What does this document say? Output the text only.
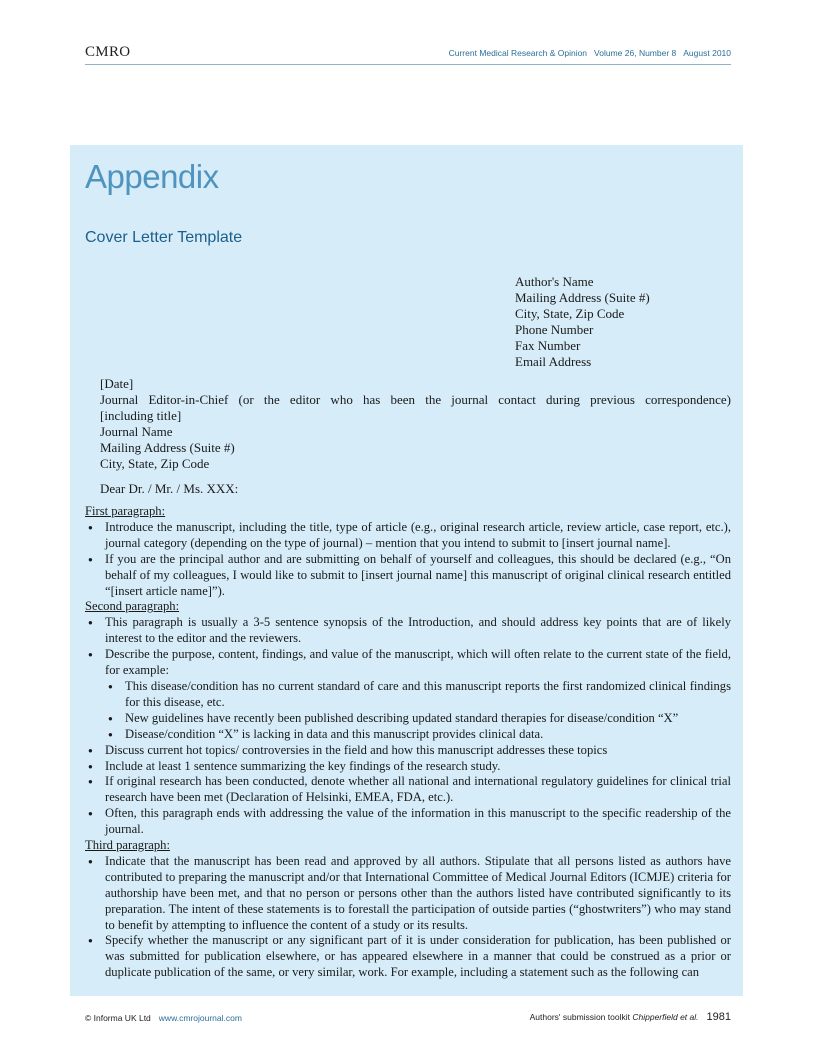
CMRO	Current Medical Research & Opinion Volume 26, Number 8 August 2010
Appendix
Cover Letter Template
Author's Name
Mailing Address (Suite #)
City, State, Zip Code
Phone Number
Fax Number
Email Address
[Date]
Journal Editor-in-Chief (or the editor who has been the journal contact during previous correspondence)
[including title]
Journal Name
Mailing Address (Suite #)
City, State, Zip Code
Dear Dr. / Mr. / Ms. XXX:
First paragraph:
● Introduce the manuscript, including the title, type of article (e.g., original research article, review article, case report, etc.), journal category (depending on the type of journal) – mention that you intend to submit to [insert journal name].
● If you are the principal author and are submitting on behalf of yourself and colleagues, this should be declared (e.g., “On behalf of my colleagues, I would like to submit to [insert journal name] this manuscript of original clinical research entitled “[insert article name]”).
Second paragraph:
● This paragraph is usually a 3-5 sentence synopsis of the Introduction, and should address key points that are of likely interest to the editor and the reviewers.
● Describe the purpose, content, findings, and value of the manuscript, which will often relate to the current state of the field, for example:
● This disease/condition has no current standard of care and this manuscript reports the first randomized clinical findings for this disease, etc.
● New guidelines have recently been published describing updated standard therapies for disease/condition “X”
● Disease/condition “X” is lacking in data and this manuscript provides clinical data.
● Discuss current hot topics/ controversies in the field and how this manuscript addresses these topics
● Include at least 1 sentence summarizing the key findings of the research study.
● If original research has been conducted, denote whether all national and international regulatory guidelines for clinical trial research have been met (Declaration of Helsinki, EMEA, FDA, etc.).
● Often, this paragraph ends with addressing the value of the information in this manuscript to the specific readership of the journal.
Third paragraph:
● Indicate that the manuscript has been read and approved by all authors. Stipulate that all persons listed as authors have contributed to preparing the manuscript and/or that International Committee of Medical Journal Editors (ICMJE) criteria for authorship have been met, and that no person or persons other than the authors listed have contributed significantly to its preparation. The intent of these statements is to forestall the participation of outside parties (“ghostwriters”) who may stand to benefit by attempting to influence the content of a study or its results.
● Specify whether the manuscript or any significant part of it is under consideration for publication, has been published or was submitted for publication elsewhere, or has appeared elsewhere in a manner that could be construed as a prior or duplicate publication of the same, or very similar, work. For example, including a statement such as the following can
© Informa UK Ltd www.cmrojournal.com	Authors' submission toolkit Chipperfield et al. 1981
